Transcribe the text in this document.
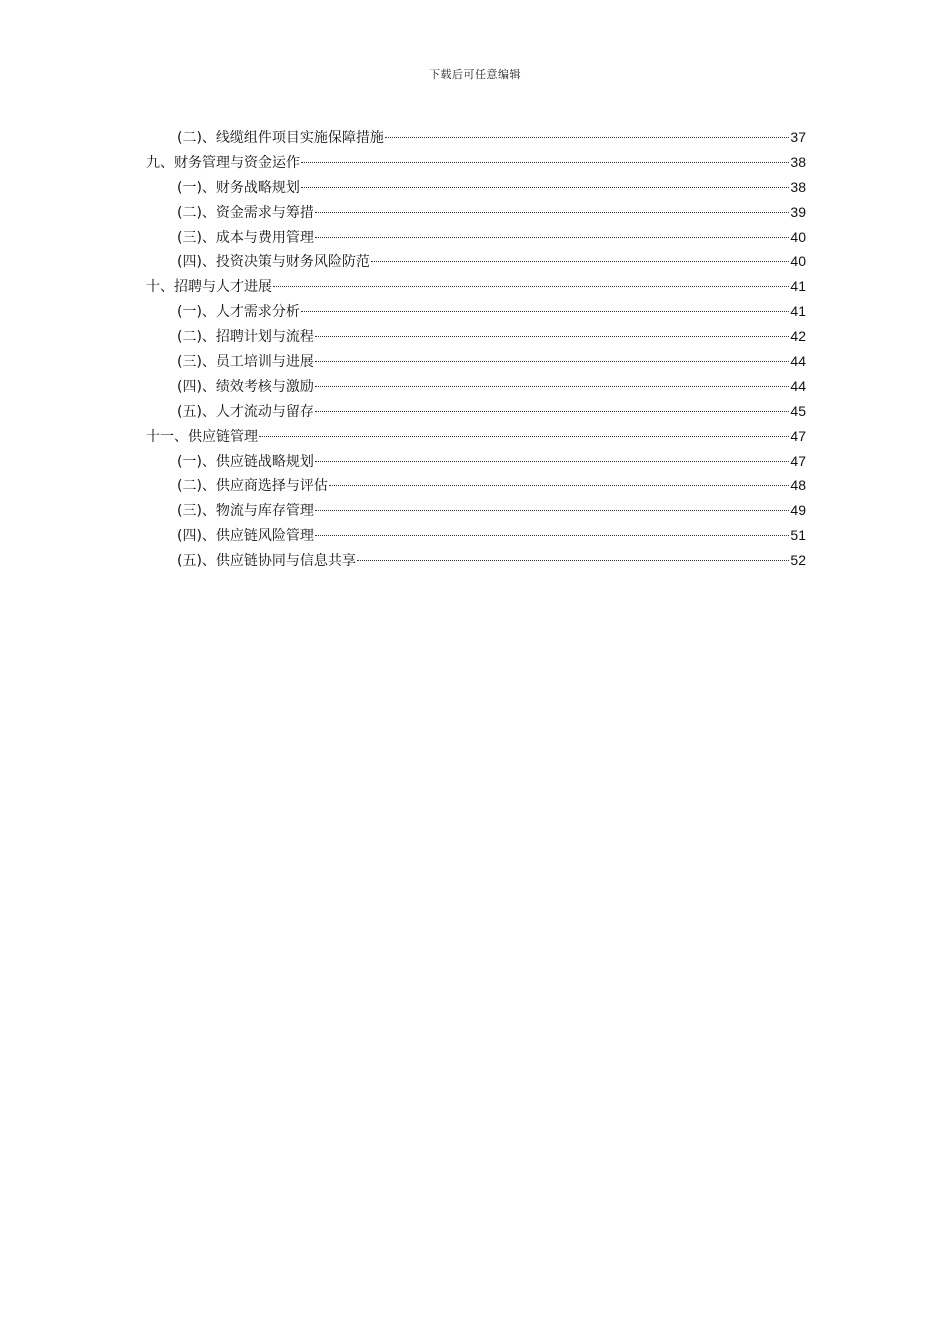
下载后可任意编辑
(二)、线缆组件项目实施保障措施	37
九、财务管理与资金运作	38
(一)、财务战略规划	38
(二)、资金需求与筹措	39
(三)、成本与费用管理	40
(四)、投资决策与财务风险防范	40
十、招聘与人才进展	41
(一)、人才需求分析	41
(二)、招聘计划与流程	42
(三)、员工培训与进展	44
(四)、绩效考核与激励	44
(五)、人才流动与留存	45
十一、供应链管理	47
(一)、供应链战略规划	47
(二)、供应商选择与评估	48
(三)、物流与库存管理	49
(四)、供应链风险管理	51
(五)、供应链协同与信息共享	52
